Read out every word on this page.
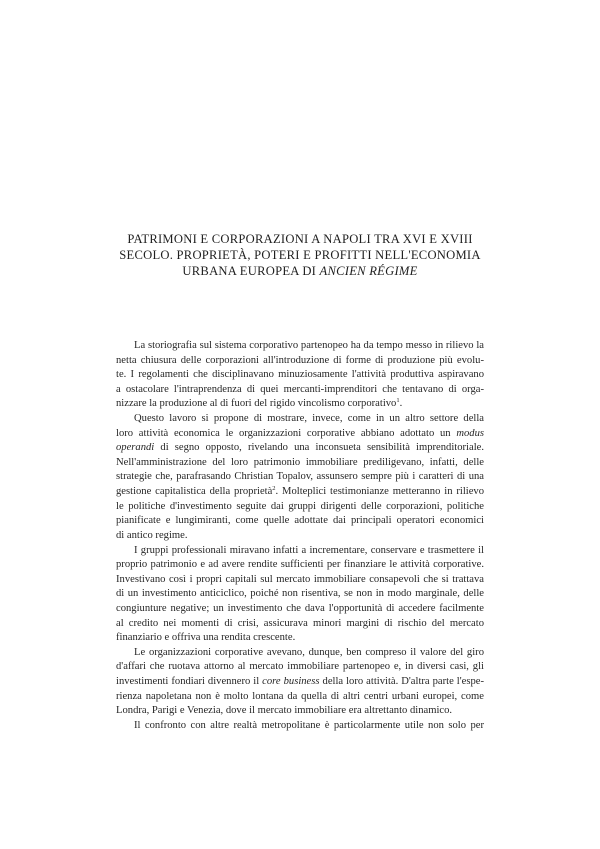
PATRIMONI E CORPORAZIONI A NAPOLI TRA XVI E XVIII
SECOLO. PROPRIETÀ, POTERI E PROFITTI NELL'ECONOMIA
URBANA EUROPEA DI ANCIEN RÉGIME
La storiografia sul sistema corporativo partenopeo ha da tempo messo in rilievo la
netta chiusura delle corporazioni all'introduzione di forme di produzione più evolu-
te. I regolamenti che disciplinavano minuziosamente l'attività produttiva aspiravano
a ostacolare l'intraprendenza di quei mercanti-imprenditori che tentavano di orga-
nizzare la produzione al di fuori del rigido vincolismo corporativo$^1$.
Questo lavoro si propone di mostrare, invece, come in un altro settore della
loro attività economica le organizzazioni corporative abbiano adottato un modus
operandi di segno opposto, rivelando una inconsueta sensibilità imprenditoriale.
Nell'amministrazione del loro patrimonio immobiliare prediligevano, infatti, delle
strategie che, parafrasando Christian Topalov, assunsero sempre più i caratteri di una
gestione capitalistica della proprietà$^2$. Molteplici testimonianze metteranno in rilievo
le politiche d'investimento seguite dai gruppi dirigenti delle corporazioni, politiche
pianificate e lungimiranti, come quelle adottate dai principali operatori economici
di antico regime.
I gruppi professionali miravano infatti a incrementare, conservare e trasmettere il
proprio patrimonio e ad avere rendite sufficienti per finanziare le attività corporative.
Investivano così i propri capitali sul mercato immobiliare consapevoli che si trattava
di un investimento anticiclico, poiché non risentiva, se non in modo marginale, delle
congiunture negative; un investimento che dava l'opportunità di accedere facilmente
al credito nei momenti di crisi, assicurava minori margini di rischio del mercato
finanziario e offriva una rendita crescente.
Le organizzazioni corporative avevano, dunque, ben compreso il valore del giro
d'affari che ruotava attorno al mercato immobiliare partenopeo e, in diversi casi, gli
investimenti fondiari divennero il core business della loro attività. D'altra parte l'espe-
rienza napoletana non è molto lontana da quella di altri centri urbani europei, come
Londra, Parigi e Venezia, dove il mercato immobiliare era altrettanto dinamico.
Il confronto con altre realtà metropolitane è particolarmente utile non solo per
